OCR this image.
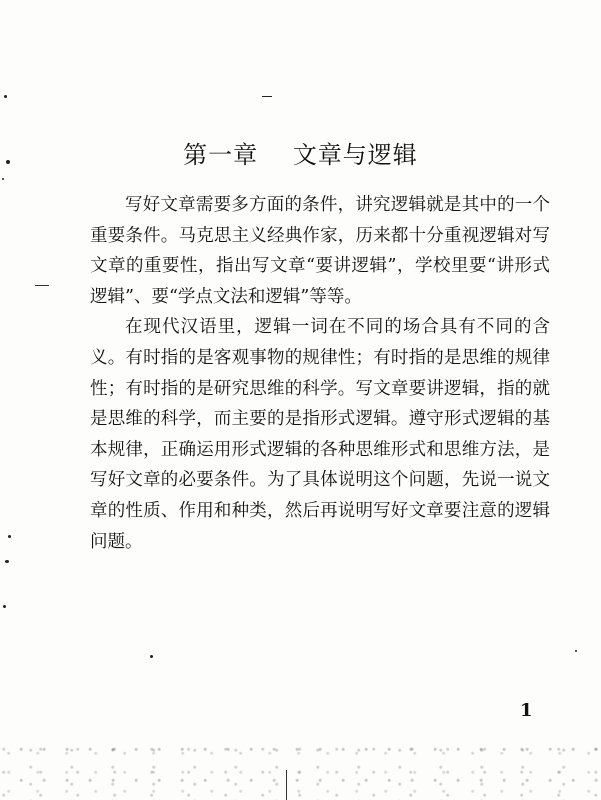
第一章 文章与逻辑

写好文章需要多方面的条件，讲究逻辑就是其中的一个重要条件。马克思主义经典作家，历来都十分重视逻辑对写文章的重要性，指出写文章“要讲逻辑”，学校里要“讲形式逻辑”、要“学点文法和逻辑”等等。

在现代汉语里，逻辑一词在不同的场合具有不同的含义。有时指的是客观事物的规律性；有时指的是思维的规律性；有时指的是研究思维的科学。写文章要讲逻辑，指的就是思维的科学，而主要的是指形式逻辑。遵守形式逻辑的基本规律，正确运用形式逻辑的各种思维形式和思维方法，是写好文章的必要条件。为了具体说明这个问题，先说一说文章的性质、作用和种类，然后再说明写好文章要注意的逻辑问题。

1
